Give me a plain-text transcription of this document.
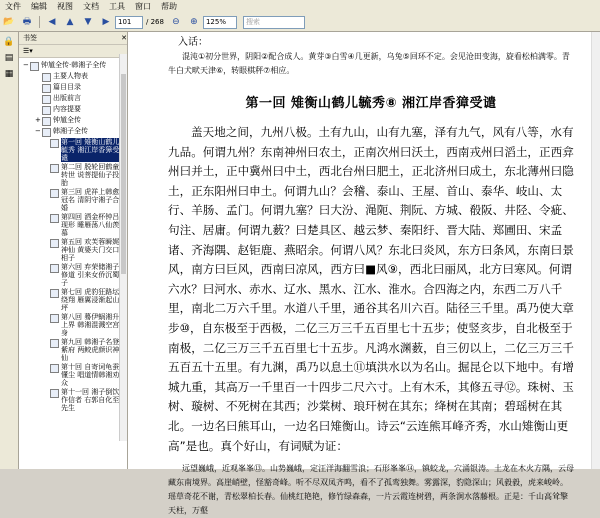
文件	编辑	视图	文档	工具	窗口	帮助
📂 🖶	◀	▲	▼	▶	101	/ 268 ⊖	⊕	125%	搜索
🔒
▤
▦
书签	✕
☰▾
− 钟馗全传·韩湘子全传
主要人物表
篇目目录
出版前言
内容提要
+ 钟馗全传
− 韩湘子全传
第一回 雉衡山鹤儿毓秀 湘江岸香獐受谴
第二回 脱轮回鹤童转世 说菩提仙子投胎
第三回 虎祥上韩愈冠名 清阴守湘子合婚
第四回 洒金杯钟吕现形 睡雁荡八仙羡慕
第五回 欢芙蓉瞬娓神仙 黄婆夫门交口相子
第六回 弃荣储湘子修道 引来女侨沉蜀子
第七回 虎豹狂路坛绕翔 雁翼浸渐起山坪
第八回 蓦伊蜗湘升上界 韩湘混溅空宫身
第九回 韩湘子名登紫府 两鲛虎颜识神仙
第十回 自寄词龟蚕懂尘 唱道情韩湘劝众
第十一回 湘子倒饮作信者 右郭自化至先生

入话：

混沌①初分世界，阴阳②配合成人。黄芽③白雪④几更新，乌兔⑤回环不定。会见沧田变海，旋看松柏满零。青牛白犬畎天津⑥，转眼棋秤⑦相应。

第一回 雉衡山鹤儿毓秀⑧ 湘江岸香獐受谴

盖天地之间，九州八极。土有九山，山有九塞，泽有九气，风有八等，水有九品。何谓九州？东南神州曰农土，正南次州曰沃土，西南戎州曰滔土，正西弇州曰并土，正中冀州曰中土，西北台州曰肥土，正北济州曰成土，东北薄州曰隐土，正东阳州曰申土。何谓九山？会稽、泰山、王屋、首山、泰华、岐山、太行、羊肠、孟门。何谓九塞？曰大汾、渑阨、荆阮、方城、殽阪、井陉、令疵、句注、居庸。何谓九薮？曰楚具区、越云梦、秦阳纡、晋大陆、郑圃田、宋孟诸、齐海隅、赵钜鹿、燕昭余。何谓八风？东北曰炎风，东方曰条风，东南曰景风，南方曰巨风，西南曰凉风，西方曰■风⑨，西北曰丽风，北方曰寒风。何谓六水？曰河水、赤水、辽水、黑水、江水、淮水。合四海之内，东西二万八千里，南北二万六千里。水道八千里，通谷其名川六百。陆径三千里。禹乃使大章步⑩，自东极至于西极，二亿三万三千五百里七十五步；使竖亥步，自北极至于南极，二亿三万三千五百里七十五步。凡鸿水渊薮，自三仞以上，二亿三万三千五百五十五里。有九渊，禹乃以息土⑪填洪水以为名山。掘昆仑以下地中。有增城九重，其高万一千里百一十四步二尺六寸。上有木禾，其修五寻⑫。珠树、玉树、璇树、不死树在其西；沙棠树、琅玕树在其东；绛树在其南；碧瑶树在其北。一边名曰熊耳山，一边名曰雉衡山。诗云“云连熊耳峰齐秀，水山雉衡山更高”是也。真个好山，有词赋为证：

远望巍峨，近观峯峯⑬。山势巍峨，定汪洋海翻雪浪；石形峯峯⑭，镇蛟龙，穴涌银涛。土龙在木火方隅，云母藏东南境界。高崖峭壁，怪豁奇峰。听不尽双凤齐鸣，看不了孤鸾独舞。雾露深，豹隐深山；风毅毅，虎来峻岭。瑶草奇花不谢，青松翠柏长春。仙桃红艳艳，修竹绿森森，一片云霞连树碧，两条涧水落藤根。正是：千山高耸擎天柱，万壑
